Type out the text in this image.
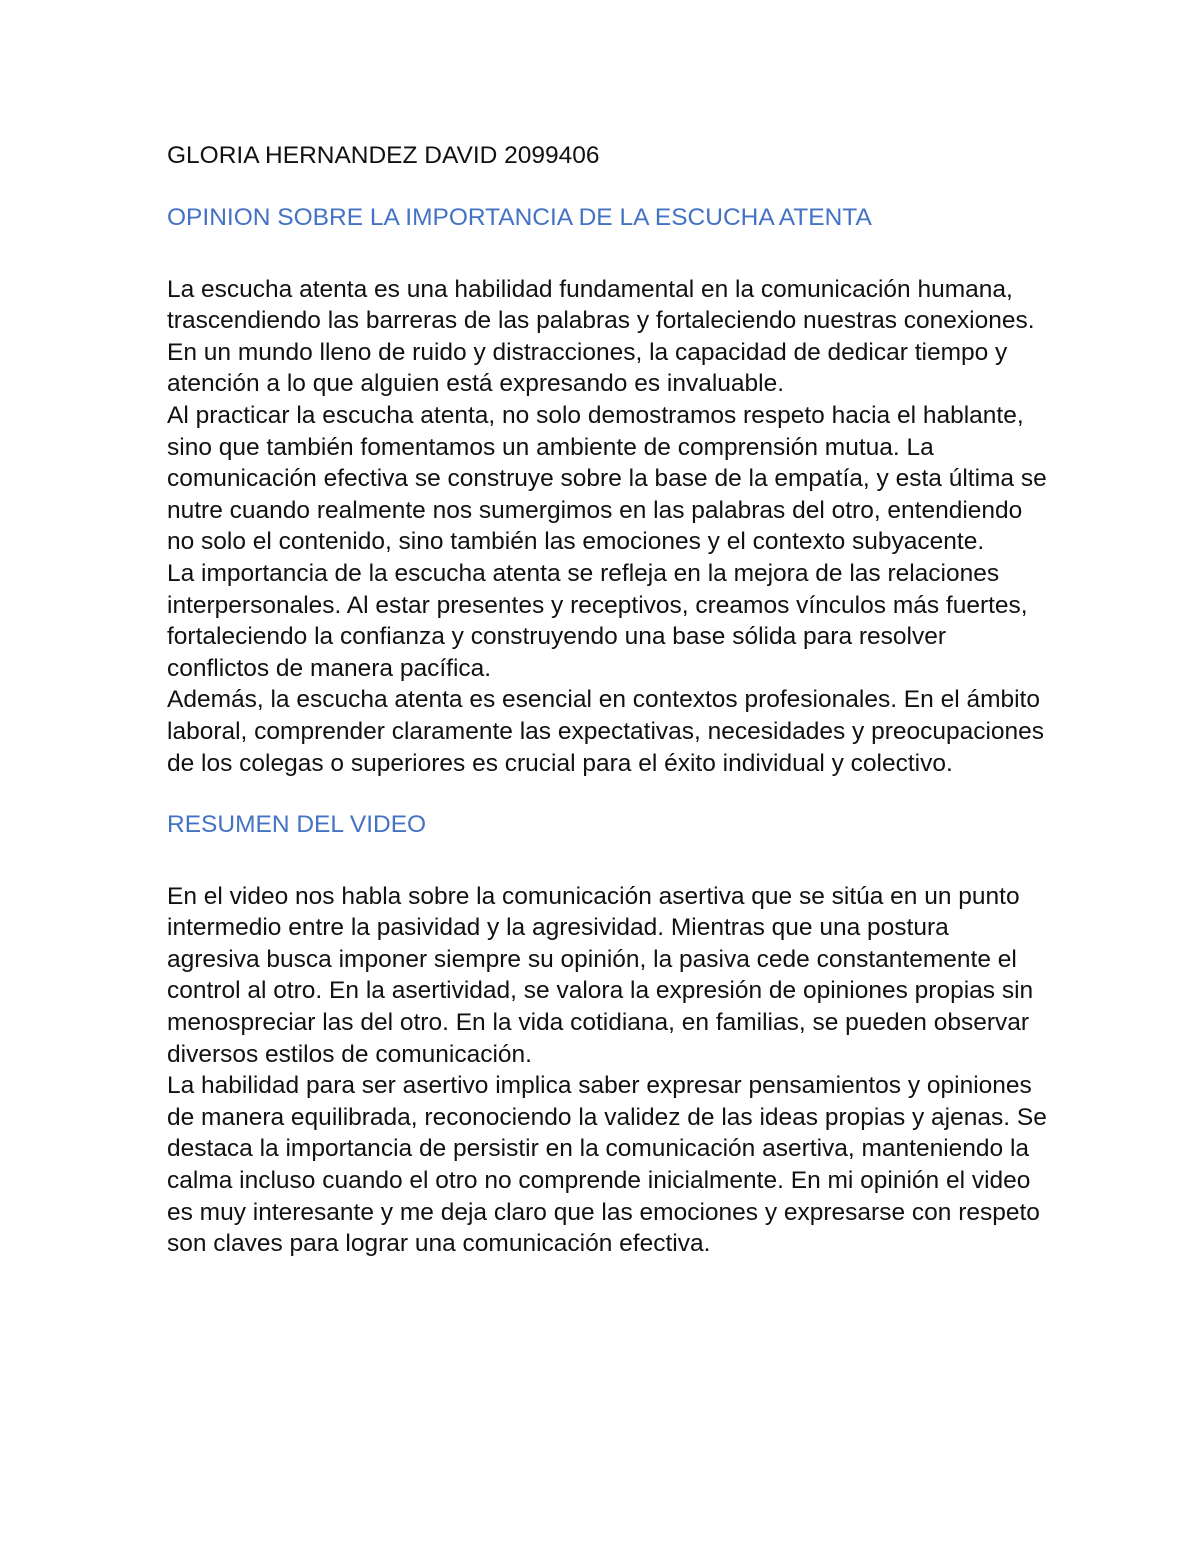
GLORIA HERNANDEZ DAVID 2099406

OPINION SOBRE LA IMPORTANCIA DE LA ESCUCHA ATENTA

La escucha atenta es una habilidad fundamental en la comunicación humana, trascendiendo las barreras de las palabras y fortaleciendo nuestras conexiones. En un mundo lleno de ruido y distracciones, la capacidad de dedicar tiempo y atención a lo que alguien está expresando es invaluable.

Al practicar la escucha atenta, no solo demostramos respeto hacia el hablante, sino que también fomentamos un ambiente de comprensión mutua. La comunicación efectiva se construye sobre la base de la empatía, y esta última se nutre cuando realmente nos sumergimos en las palabras del otro, entendiendo no solo el contenido, sino también las emociones y el contexto subyacente.

La importancia de la escucha atenta se refleja en la mejora de las relaciones interpersonales. Al estar presentes y receptivos, creamos vínculos más fuertes, fortaleciendo la confianza y construyendo una base sólida para resolver conflictos de manera pacífica.

Además, la escucha atenta es esencial en contextos profesionales. En el ámbito laboral, comprender claramente las expectativas, necesidades y preocupaciones de los colegas o superiores es crucial para el éxito individual y colectivo.

RESUMEN DEL VIDEO

En el video nos habla sobre la comunicación asertiva que se sitúa en un punto intermedio entre la pasividad y la agresividad. Mientras que una postura agresiva busca imponer siempre su opinión, la pasiva cede constantemente el control al otro. En la asertividad, se valora la expresión de opiniones propias sin menospreciar las del otro. En la vida cotidiana, en familias, se pueden observar diversos estilos de comunicación.

La habilidad para ser asertivo implica saber expresar pensamientos y opiniones de manera equilibrada, reconociendo la validez de las ideas propias y ajenas. Se destaca la importancia de persistir en la comunicación asertiva, manteniendo la calma incluso cuando el otro no comprende inicialmente. En mi opinión el video es muy interesante y me deja claro que las emociones y expresarse con respeto son claves para lograr una comunicación efectiva.
